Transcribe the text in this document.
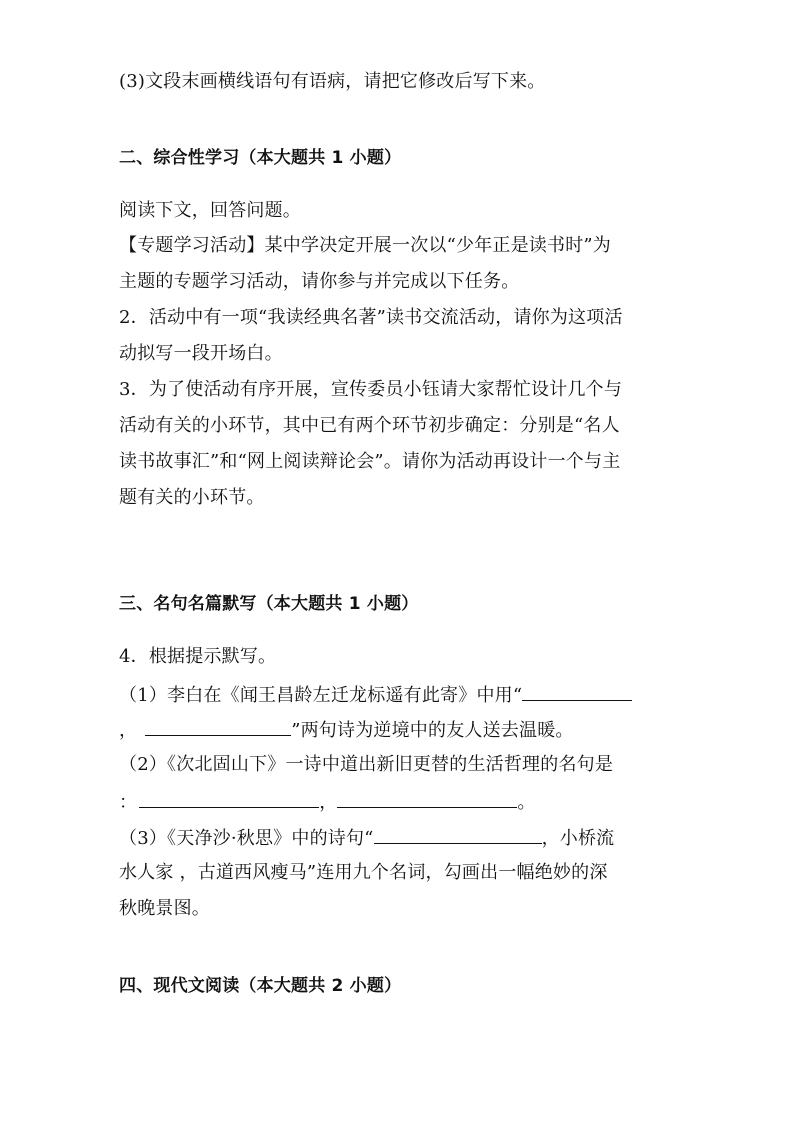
(3)文段末画横线语句有语病，请把它修改后写下来。
二、综合性学习（本大题共 1 小题）
阅读下文，回答问题。
【专题学习活动】某中学决定开展一次以“少年正是读书时”为
主题的专题学习活动，请你参与并完成以下任务。
2．活动中有一项“我读经典名著”读书交流活动，请你为这项活
动拟写一段开场白。
3．为了使活动有序开展，宣传委员小钰请大家帮忙设计几个与
活动有关的小环节，其中已有两个环节初步确定：分别是“名人
读书故事汇”和“网上阅读辩论会”。请你为活动再设计一个与主
题有关的小环节。
三、名句名篇默写（本大题共 1 小题）
4．根据提示默写。
（1）李白在《闻王昌龄左迁龙标遥有此寄》中用“
，	”两句诗为逆境中的友人送去温暖。
（2）《次北固山下》一诗中道出新旧更替的生活哲理的名句是
：	，	。
（3）《天净沙·秋思》中的诗句“	，小桥流
水人家 ，古道西风瘦马”连用九个名词，勾画出一幅绝妙的深
秋晚景图。
四、现代文阅读（本大题共 2 小题）
